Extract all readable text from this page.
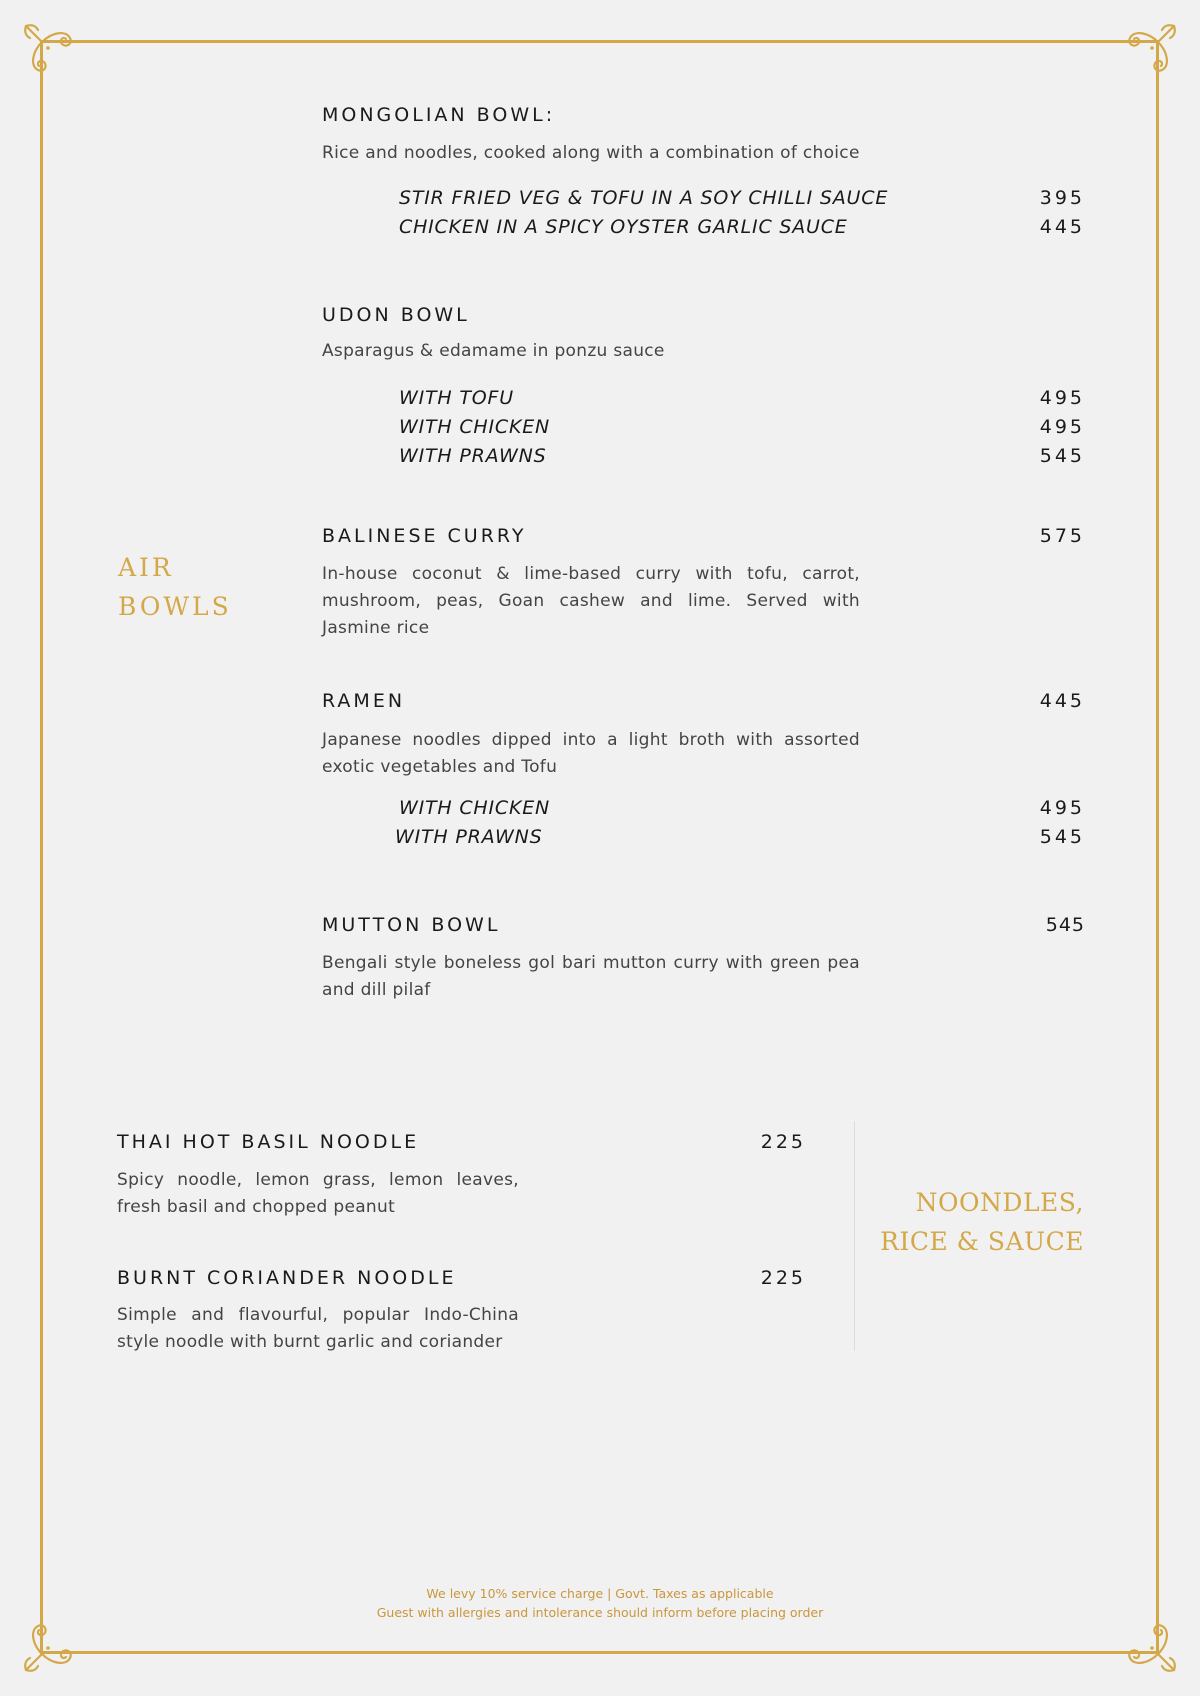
AIR
BOWLS
MONGOLIAN BOWL:
Rice and noodles, cooked along with a combination of choice
STIR FRIED VEG & TOFU IN A SOY CHILLI SAUCE	395
CHICKEN IN A SPICY OYSTER GARLIC SAUCE	445
UDON BOWL
Asparagus & edamame in ponzu sauce
WITH TOFU	495
WITH CHICKEN	495
WITH PRAWNS	545
BALINESE CURRY	575
In-house coconut & lime-based curry with tofu, carrot, mushroom, peas, Goan cashew and lime. Served with Jasmine rice
RAMEN	445
Japanese noodles dipped into a light broth with assorted exotic vegetables and Tofu
WITH CHICKEN	495
WITH PRAWNS	545
MUTTON BOWL	545
Bengali style boneless gol bari mutton curry with green pea and dill pilaf
THAI HOT BASIL NOODLE	225
Spicy noodle, lemon grass, lemon leaves, fresh basil and chopped peanut
BURNT CORIANDER NOODLE	225
Simple and flavourful, popular Indo-China style noodle with burnt garlic and coriander
NOONDLES,
RICE & SAUCE
We levy 10% service charge | Govt. Taxes as applicable
Guest with allergies and intolerance should inform before placing order
